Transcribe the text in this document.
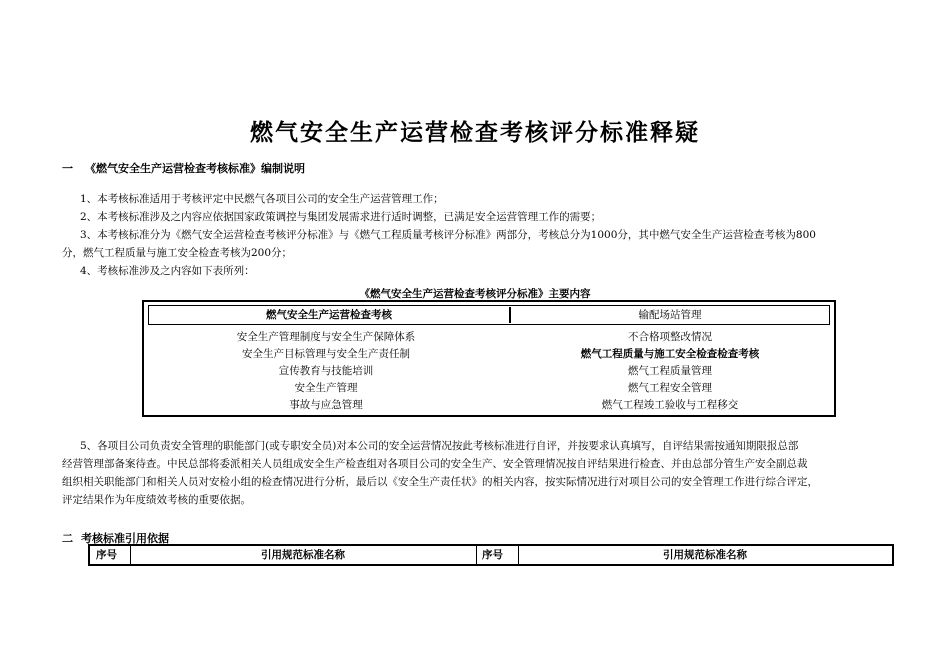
燃气安全生产运营检查考核评分标准释疑
一 《燃气安全生产运营检查考核标准》编制说明
1、本考核标准适用于考核评定中民燃气各项目公司的安全生产运营管理工作；
2、本考核标准涉及之内容应依据国家政策调控与集团发展需求进行适时调整，已满足安全运营管理工作的需要；
3、本考核标准分为《燃气安全运营检查考核评分标准》与《燃气工程质量考核评分标准》两部分，考核总分为1000分，其中燃气安全生产运营检查考核为800
分，燃气工程质量与施工安全检查考核为200分；
4、考核标准涉及之内容如下表所列：
《燃气安全生产运营检查考核评分标准》主要内容
燃气安全生产运营检查考核	输配场站管理
安全生产管理制度与安全生产保障体系	不合格项整改情况
安全生产目标管理与安全生产责任制	燃气工程质量与施工安全检查检查考核
宣传教育与技能培训	燃气工程质量管理
安全生产管理	燃气工程安全管理
事故与应急管理	燃气工程竣工验收与工程移交
5、各项目公司负责安全管理的职能部门(或专职安全员)对本公司的安全运营情况按此考核标准进行自评，并按要求认真填写，自评结果需按通知期限报总部
经营管理部备案待查。中民总部将委派相关人员组成安全生产检查组对各项目公司的安全生产、安全管理情况按自评结果进行检查、并由总部分管生产安全副总裁
组织相关职能部门和相关人员对安检小组的检查情况进行分析，最后以《安全生产责任状》的相关内容，按实际情况进行对项目公司的安全管理工作进行综合评定，
评定结果作为年度绩效考核的重要依据。
二 考核标准引用依据
序号	引用规范标准名称	序号	引用规范标准名称
